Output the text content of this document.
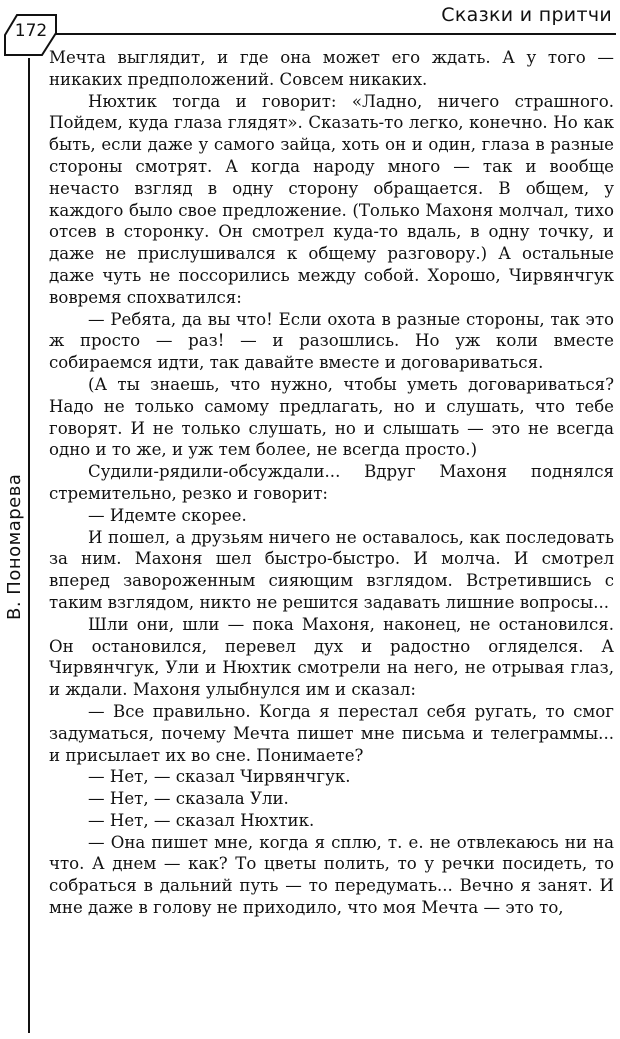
172
Сказки и притчи
В. Пономарева

Мечта выглядит, и где она может его ждать. А у того — никаких предположений. Совсем никаких.

Нюхтик тогда и говорит: «Ладно, ничего страшного. Пойдем, куда глаза глядят». Сказать-то легко, конечно. Но как быть, если даже у самого зайца, хоть он и один, глаза в разные стороны смотрят. А когда народу много — так и вообще нечасто взгляд в одну сторону обращается. В общем, у каждого было свое предложение. (Только Махоня молчал, тихо отсев в сторонку. Он смотрел куда-то вдаль, в одну точку, и даже не прислушивался к общему разговору.) А остальные даже чуть не поссорились между собой. Хорошо, Чирвянчгук вовремя спохватился:

— Ребята, да вы что! Если охота в разные стороны, так это ж просто — раз! — и разошлись. Но уж коли вместе собираемся идти, так давайте вместе и договариваться.

(А ты знаешь, что нужно, чтобы уметь договариваться? Надо не только самому предлагать, но и слушать, что тебе говорят. И не только слушать, но и слышать — это не всегда одно и то же, и уж тем более, не всегда просто.)

Судили-рядили-обсуждали... Вдруг Махоня поднялся стремительно, резко и говорит:

— Идемте скорее.

И пошел, а друзьям ничего не оставалось, как последовать за ним. Махоня шел быстро-быстро. И молча. И смотрел вперед завороженным сияющим взглядом. Встретившись с таким взглядом, никто не решится задавать лишние вопросы...

Шли они, шли — пока Махоня, наконец, не остановился. Он остановился, перевел дух и радостно огляделся. А Чирвянчгук, Ули и Нюхтик смотрели на него, не отрывая глаз, и ждали. Махоня улыбнулся им и сказал:

— Все правильно. Когда я перестал себя ругать, то смог задуматься, почему Мечта пишет мне письма и телеграммы... и присылает их во сне. Понимаете?

— Нет, — сказал Чирвянчгук.

— Нет, — сказала Ули.

— Нет, — сказал Нюхтик.

— Она пишет мне, когда я сплю, т. е. не отвлекаюсь ни на что. А днем — как? То цветы полить, то у речки посидеть, то собраться в дальний путь — то передумать... Вечно я занят. И мне даже в голову не приходило, что моя Мечта — это то,
